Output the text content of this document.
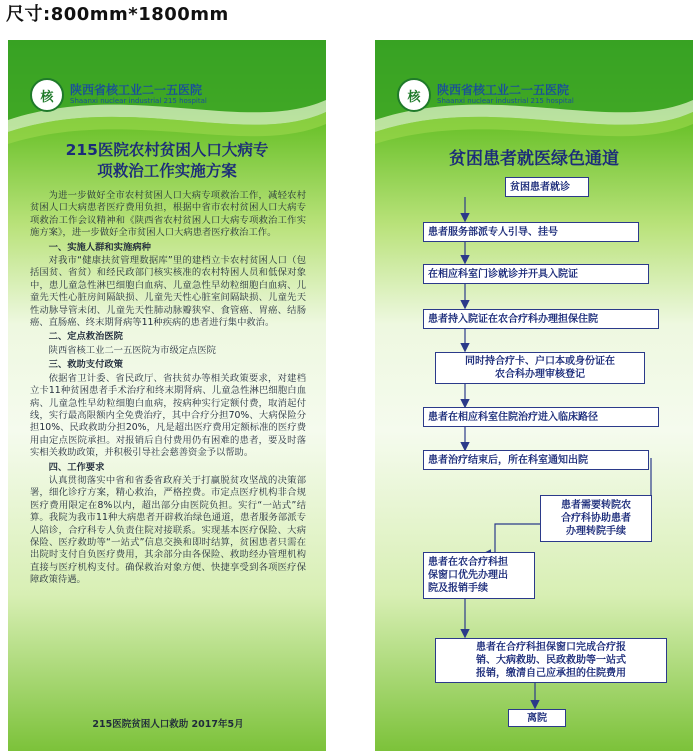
尺寸:800mm*1800mm
核	陕西省核工业二一五医院
Shaanxi nuclear industrial 215 hospital
215医院农村贫困人口大病专
项救治工作实施方案

为进一步做好全市农村贫困人口大病专项救治工作，减轻农村贫困人口大病患者医疗费用负担，根据中省市农村贫困人口大病专项救治工作会议精神和《陕西省农村贫困人口大病专项救治工作实施方案》，进一步做好全市贫困人口大病患者医疗救治工作。

一、实施人群和实施病种

对我市“健康扶贫管理数据库”里的建档立卡农村贫困人口（包括国贫、省贫）和经民政部门核实核准的农村特困人员和低保对象中，患儿童急性淋巴细胞白血病、儿童急性早幼粒细胞白血病、儿童先天性心脏房间隔缺损、儿童先天性心脏室间隔缺损、儿童先天性动脉导管未闭、儿童先天性肺动脉瓣狭窄、食管癌、胃癌、结肠癌、直肠癌、终末期肾病等11种疾病的患者进行集中救治。

二、定点救治医院

陕西省核工业二一五医院为市级定点医院

三、救助支付政策

依据省卫计委、省民政厅、省扶贫办等相关政策要求，对建档立卡11种贫困患者手术治疗和终末期肾病、儿童急性淋巴细胞白血病、儿童急性早幼粒细胞白血病，按病种实行定额付费，取消起付线，实行最高限额内全免费治疗，其中合疗分担70%、大病保险分担10%、民政救助分担20%，凡是超出医疗费用定额标准的医疗费用由定点医院承担。对报销后自付费用仍有困难的患者，要及时落实相关救助政策，并积极引导社会慈善资金予以帮助。

四、工作要求

认真贯彻落实中省和省委省政府关于打赢脱贫攻坚战的决策部署，细化诊疗方案，精心救治，严格控费。市定点医疗机构非合规医疗费用限定在8%以内，超出部分由医院负担。实行“一站式”结算。我院为我市11种大病患者开辟救治绿色通道，患者服务部派专人陪诊，合疗科专人负责住院对接联系。实现基本医疗保险、大病保险、医疗救助等“一站式”信息交换和即时结算，贫困患者只需在出院时支付自负医疗费用，其余部分由各保险、救助经办管理机构直接与医疗机构支付。确保救治对象方便、快捷享受到各项医疗保障政策待遇。

215医院贫困人口救助 2017年5月
核	陕西省核工业二一五医院
Shaanxi nuclear industrial 215 hospital
贫困患者就医绿色通道
贫困患者就诊
患者服务部派专人引导、挂号
在相应科室门诊就诊并开具入院证
患者持入院证在农合疗科办理担保住院
同时持合疗卡、户口本或身份证在
农合科办理审核登记
患者在相应科室住院治疗进入临床路径
患者治疗结束后，所在科室通知出院
患者需要转院农
合疗科协助患者
办理转院手续
患者在农合疗科担
保窗口优先办理出
院及报销手续
患者在合疗科担保窗口完成合疗报
销、大病救助、民政救助等一站式
报销，缴清自己应承担的住院费用
离院
